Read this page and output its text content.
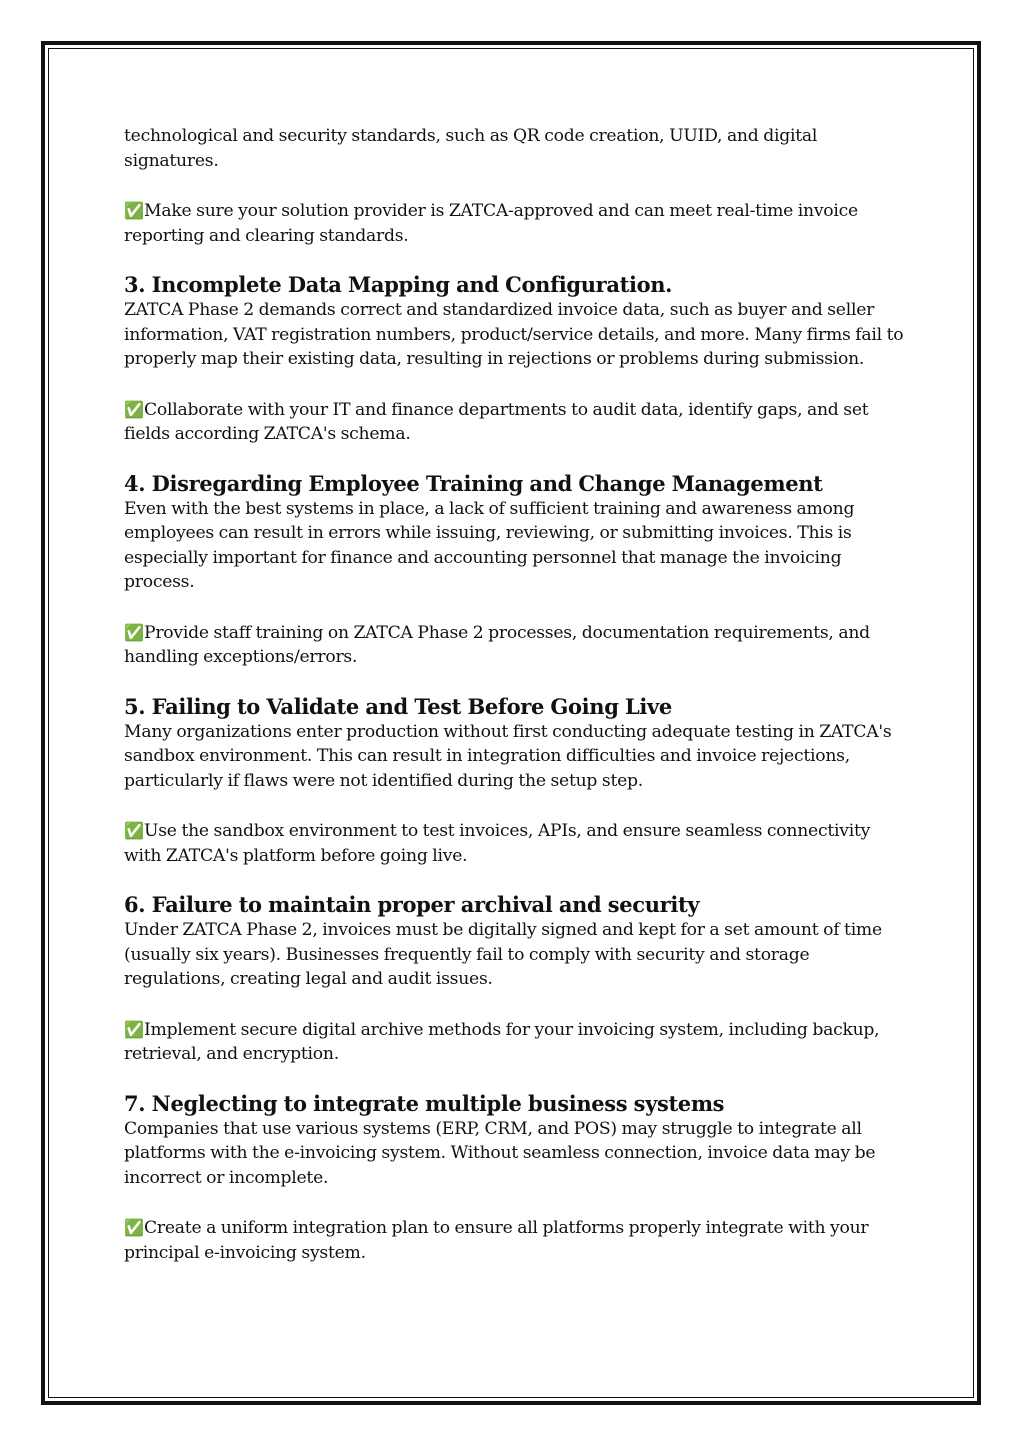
technological and security standards, such as QR code creation, UUID, and digital signatures.

✅Make sure your solution provider is ZATCA-approved and can meet real-time invoice reporting and clearing standards.

3. Incomplete Data Mapping and Configuration.

ZATCA Phase 2 demands correct and standardized invoice data, such as buyer and seller information, VAT registration numbers, product/service details, and more. Many firms fail to properly map their existing data, resulting in rejections or problems during submission.

✅Collaborate with your IT and finance departments to audit data, identify gaps, and set fields according ZATCA's schema.

4. Disregarding Employee Training and Change Management

Even with the best systems in place, a lack of sufficient training and awareness among employees can result in errors while issuing, reviewing, or submitting invoices. This is especially important for finance and accounting personnel that manage the invoicing process.

✅Provide staff training on ZATCA Phase 2 processes, documentation requirements, and handling exceptions/errors.

5. Failing to Validate and Test Before Going Live

Many organizations enter production without first conducting adequate testing in ZATCA's sandbox environment. This can result in integration difficulties and invoice rejections, particularly if flaws were not identified during the setup step.

✅Use the sandbox environment to test invoices, APIs, and ensure seamless connectivity with ZATCA's platform before going live.

6. Failure to maintain proper archival and security

Under ZATCA Phase 2, invoices must be digitally signed and kept for a set amount of time (usually six years). Businesses frequently fail to comply with security and storage regulations, creating legal and audit issues.

✅Implement secure digital archive methods for your invoicing system, including backup, retrieval, and encryption.

7. Neglecting to integrate multiple business systems

Companies that use various systems (ERP, CRM, and POS) may struggle to integrate all platforms with the e-invoicing system. Without seamless connection, invoice data may be incorrect or incomplete.

✅Create a uniform integration plan to ensure all platforms properly integrate with your principal e-invoicing system.
